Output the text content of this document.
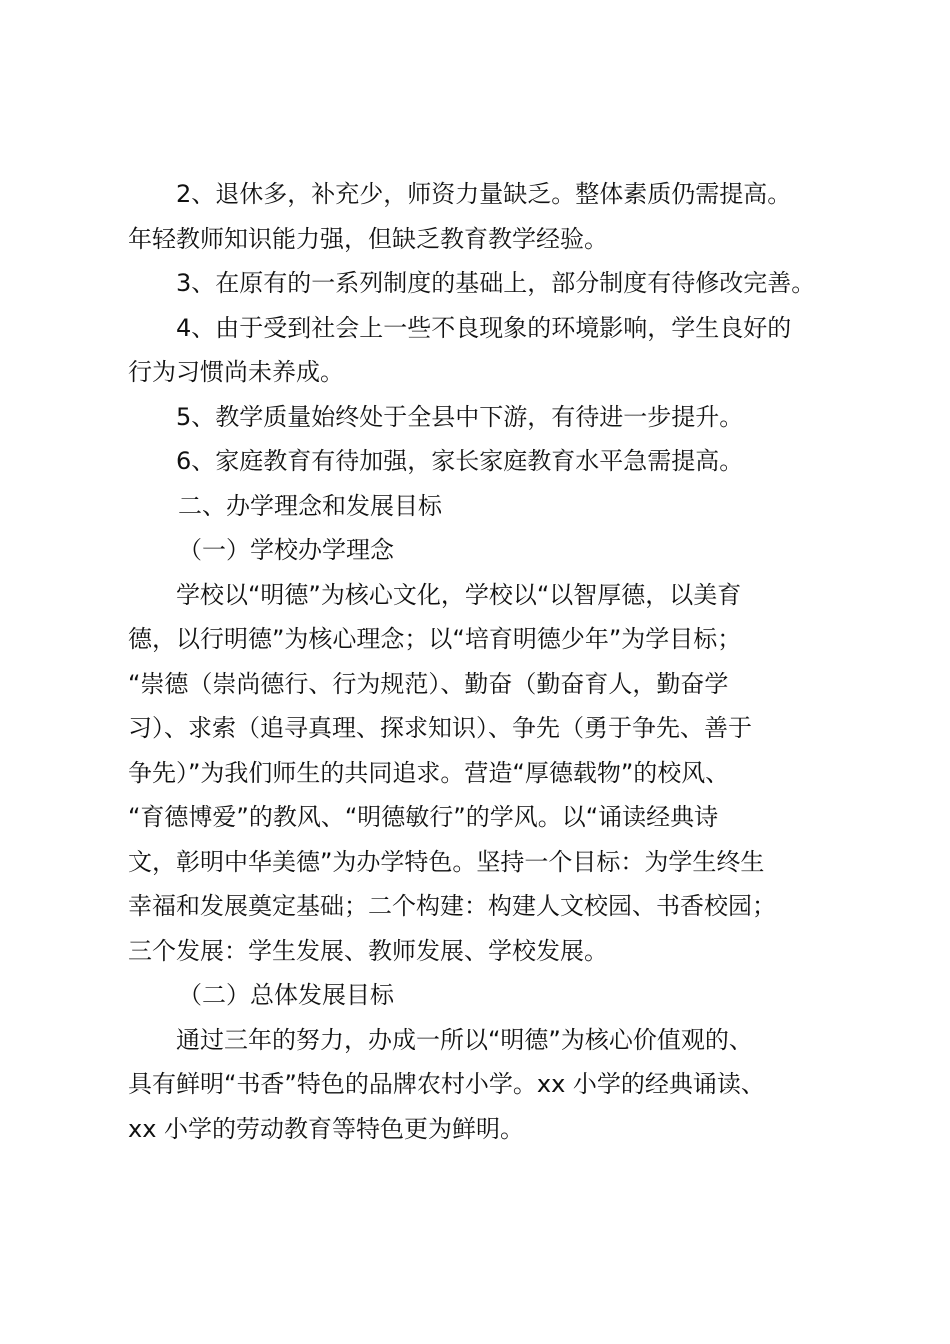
2、退休多，补充少，师资力量缺乏。整体素质仍需提高。
年轻教师知识能力强，但缺乏教育教学经验。

3、在原有的一系列制度的基础上，部分制度有待修改完善。

4、由于受到社会上一些不良现象的环境影响，学生良好的
行为习惯尚未养成。

5、教学质量始终处于全县中下游，有待进一步提升。

6、家庭教育有待加强，家长家庭教育水平急需提高。

二、办学理念和发展目标

（一）学校办学理念

学校以“明德”为核心文化，学校以“以智厚德，以美育
德，以行明德”为核心理念；以“培育明德少年”为学目标；
“崇德（崇尚德行、行为规范）、勤奋（勤奋育人，勤奋学
习）、求索（追寻真理、探求知识）、争先（勇于争先、善于
争先）”为我们师生的共同追求。营造“厚德载物”的校风、
“育德博爱”的教风、“明德敏行”的学风。以“诵读经典诗
文，彰明中华美德”为办学特色。坚持一个目标：为学生终生
幸福和发展奠定基础；二个构建：构建人文校园、书香校园；
三个发展：学生发展、教师发展、学校发展。

（二）总体发展目标

通过三年的努力，办成一所以“明德”为核心价值观的、
具有鲜明“书香”特色的品牌农村小学。xx 小学的经典诵读、
xx 小学的劳动教育等特色更为鲜明。
